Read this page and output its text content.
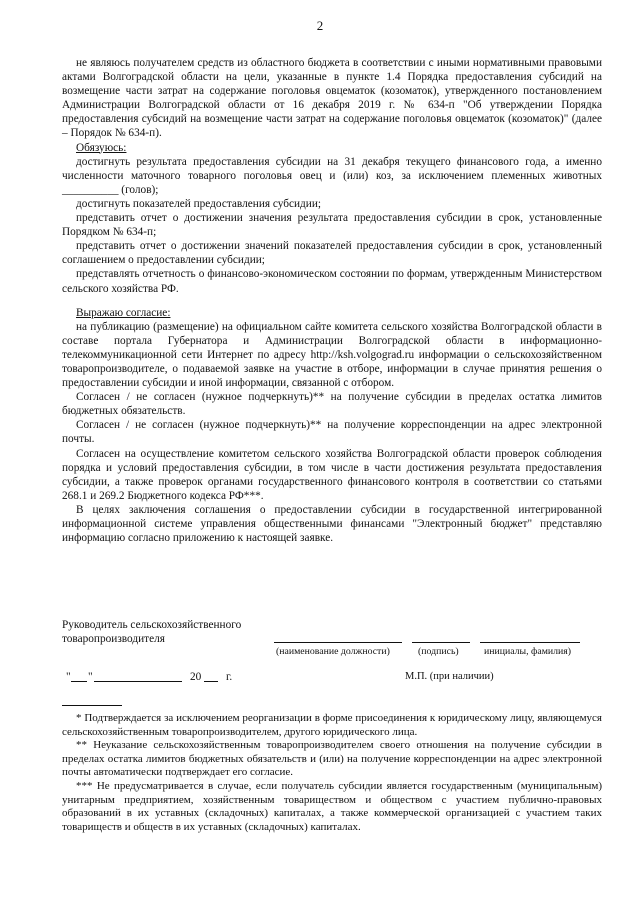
2

не являюсь получателем средств из областного бюджета в соответствии с иными нормативными правовыми актами Волгоградской области на цели, указанные в пункте 1.4 Порядка предоставления субсидий на возмещение части затрат на содержание поголовья овцематок (козоматок), утвержденного постановлением Администрации Волгоградской области от 16 декабря 2019 г. № 634-п "Об утверждении Порядка предоставления субсидий на возмещение части затрат на содержание поголовья овцематок (козоматок)" (далее – Порядок № 634-п).

Обязуюсь:

достигнуть результата предоставления субсидии на 31 декабря текущего финансового года, а именно численности маточного товарного поголовья овец и (или) коз, за исключением племенных животных __________ (голов);

достигнуть показателей предоставления субсидии;

представить отчет о достижении значения результата предоставления субсидии в срок, установленные Порядком № 634-п;

представить отчет о достижении значений показателей предоставления субсидии в срок, установленный соглашением о предоставлении субсидии;

представлять отчетность о финансово-экономическом состоянии по формам, утвержденным Министерством сельского хозяйства РФ.

Выражаю согласие:

на публикацию (размещение) на официальном сайте комитета сельского хозяйства Волгоградской области в составе портала Губернатора и Администрации Волгоградской области в информационно-телекоммуникационной сети Интернет по адресу http://ksh.volgograd.ru информации о сельскохозяйственном товаропроизводителе, о подаваемой заявке на участие в отборе, информации в случае принятия решения о предоставлении субсидии и иной информации, связанной с отбором.

Согласен / не согласен (нужное подчеркнуть)** на получение субсидии в пределах остатка лимитов бюджетных обязательств.

Согласен / не согласен (нужное подчеркнуть)** на получение корреспонденции на адрес электронной почты.

Согласен на осуществление комитетом сельского хозяйства Волгоградской области проверок соблюдения порядка и условий предоставления субсидии, в том числе в части достижения результата предоставления субсидии, а также проверок органами государственного финансового контроля в соответствии со статьями 268.1 и 269.2 Бюджетного кодекса РФ***.

В целях заключения соглашения о предоставлении субсидии в государственной интегрированной информационной системе управления общественными финансами "Электронный бюджет" представляю информацию согласно приложению к настоящей заявке.

Руководитель сельскохозяйственного

товаропроизводителя

(наименование должности)	(подпись)	инициалы, фамилия)
" "	20 г.	М.П. (при наличии)

* Подтверждается за исключением реорганизации в форме присоединения к юридическому лицу, являющемуся сельскохозяйственным товаропроизводителем, другого юридического лица.

** Неуказание сельскохозяйственным товаропроизводителем своего отношения на получение субсидии в пределах остатка лимитов бюджетных обязательств и (или) на получение корреспонденции на адрес электронной почты автоматически подтверждает его согласие.

*** Не предусматривается в случае, если получатель субсидии является государственным (муниципальным) унитарным предприятием, хозяйственным товариществом и обществом с участием публично-правовых образований в их уставных (складочных) капиталах, а также коммерческой организацией с участием таких товариществ и обществ в их уставных (складочных) капиталах.
